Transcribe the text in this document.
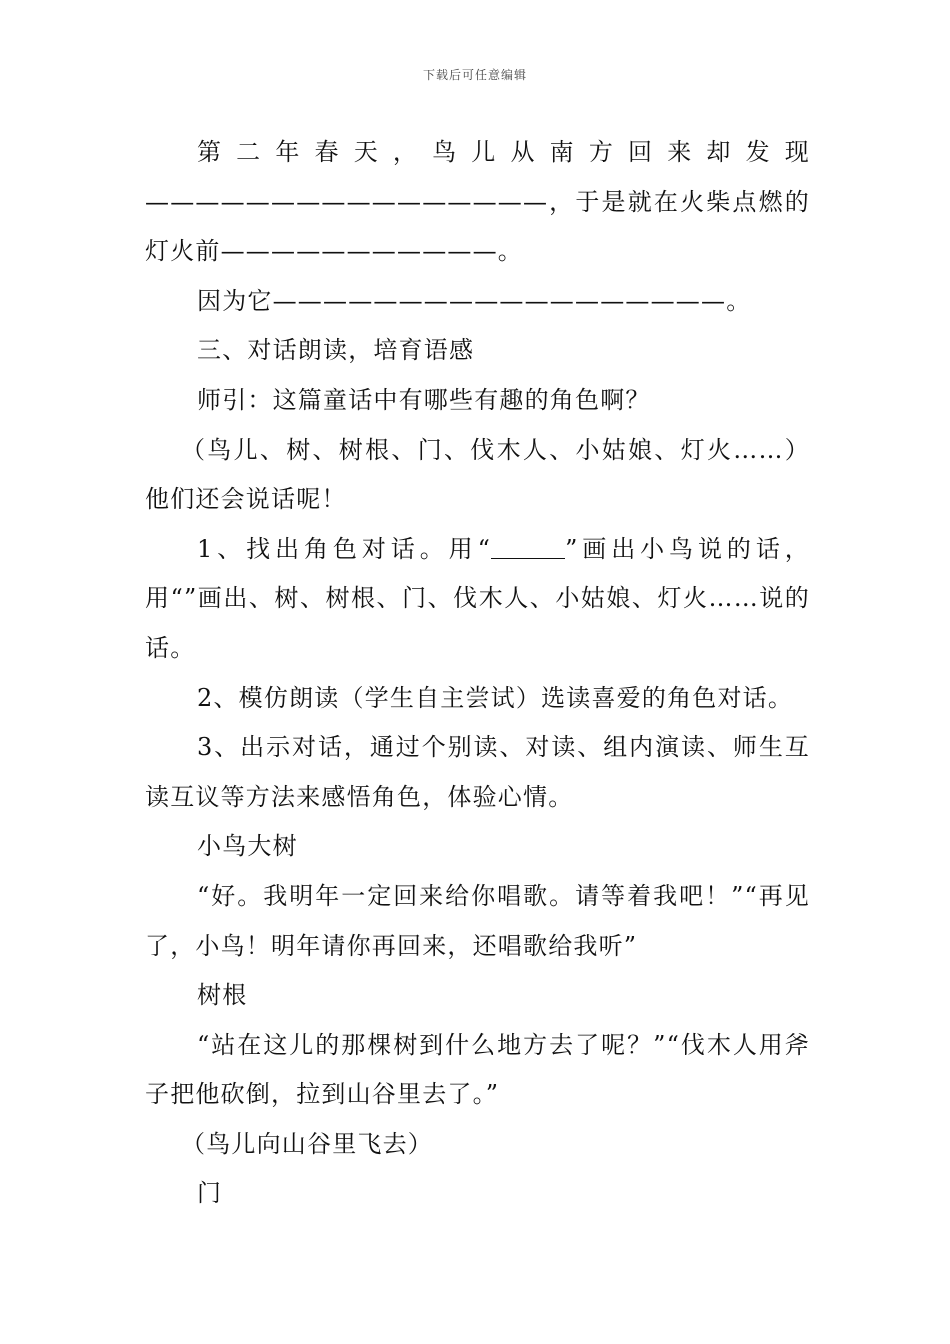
下载后可任意编辑

第二年春天，鸟儿从南方回来却发现————————————————，于是就在火柴点燃的灯火前———————————。

因为它——————————————————。

三、对话朗读，培育语感

师引：这篇童话中有哪些有趣的角色啊？

（鸟儿、树、树根、门、伐木人、小姑娘、灯火……）他们还会说话呢！

1、找出角色对话。用“	”画出小鸟说的话，用“”画出、树、树根、门、伐木人、小姑娘、灯火……说的话。

2、模仿朗读（学生自主尝试）选读喜爱的角色对话。

3、出示对话，通过个别读、对读、组内演读、师生互读互议等方法来感悟角色，体验心情。

小鸟大树

“好。我明年一定回来给你唱歌。请等着我吧！”“再见了，小鸟！明年请你再回来，还唱歌给我听”

树根

“站在这儿的那棵树到什么地方去了呢？”“伐木人用斧子把他砍倒，拉到山谷里去了。”

（鸟儿向山谷里飞去）

门
